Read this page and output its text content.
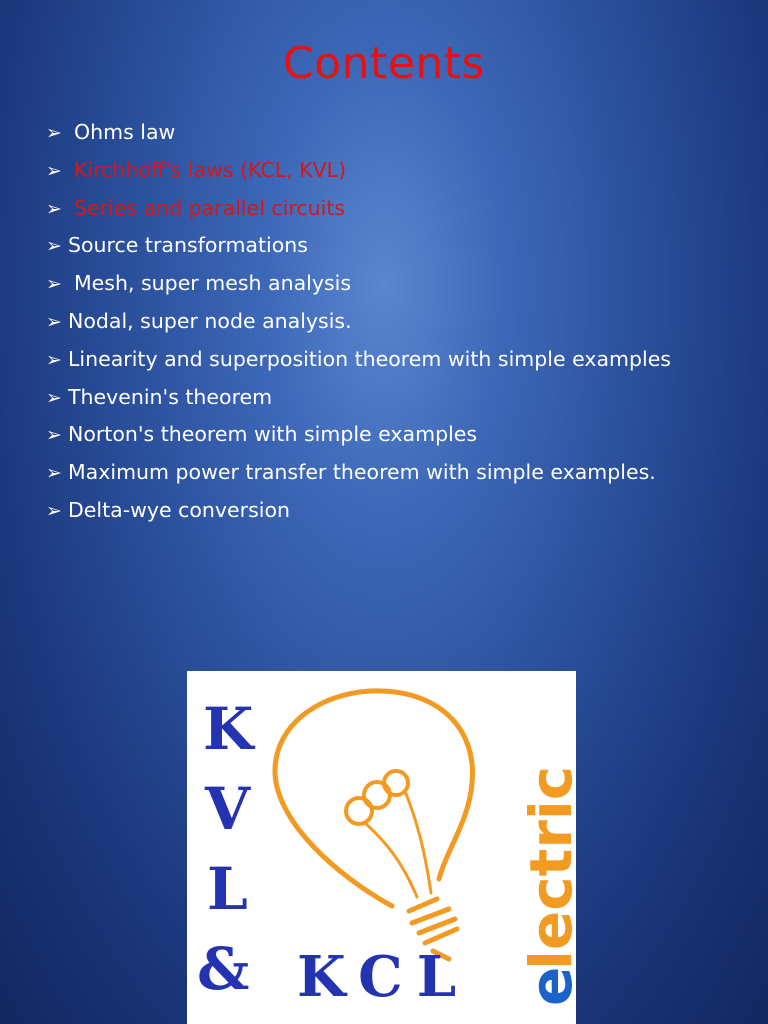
Contents
➢ Ohms law
➢ Kirchhoff's laws (KCL, KVL)
➢ Series and parallel circuits
➢ Source transformations
➢ Mesh, super mesh analysis
➢ Nodal, super node analysis.
➢ Linearity and superposition theorem with simple examples
➢ Thevenin's theorem
➢ Norton's theorem with simple examples
➢ Maximum power transfer theorem with simple examples.
➢ Delta-wye conversion
K
V
L
& KCL e
lectric
